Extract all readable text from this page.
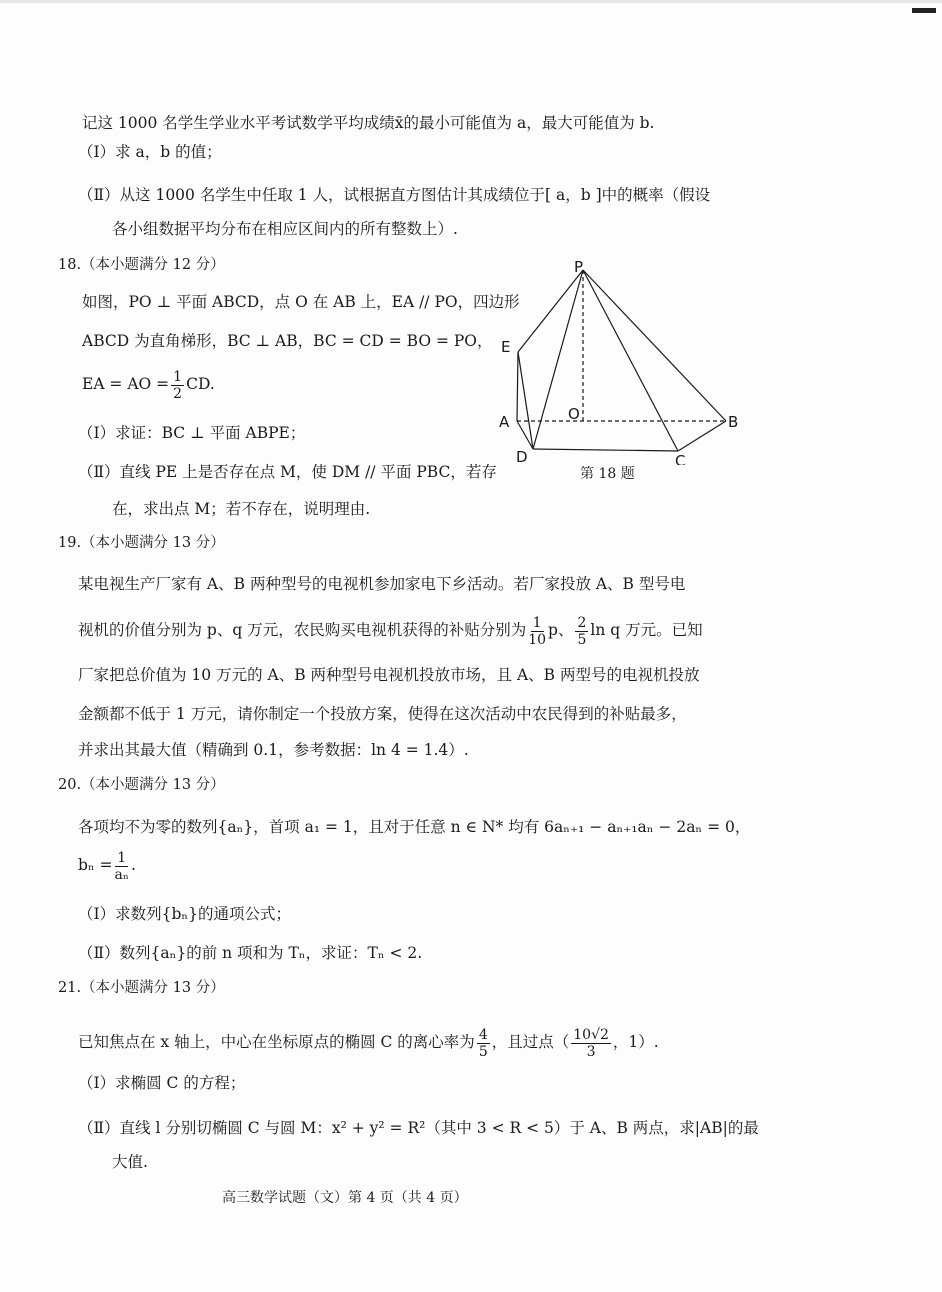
记这 1000 名学生学业水平考试数学平均成绩x̄的最小可能值为 a，最大可能值为 b.
（Ⅰ）求 a，b 的值；
（Ⅱ）从这 1000 名学生中任取 1 人，试根据直方图估计其成绩位于[ a，b ]中的概率（假设
各小组数据平均分布在相应区间内的所有整数上）.
18.（本小题满分 12 分）
如图，PO ⊥ 平面 ABCD，点 O 在 AB 上，EA // PO，四边形
ABCD 为直角梯形，BC ⊥ AB，BC = CD = BO = PO，
EA = AO = $\frac{1}{2}$ CD.
（Ⅰ）求证：BC ⊥ 平面 ABPE；
（Ⅱ）直线 PE 上是否存在点 M，使 DM // 平面 PBC，若存
在，求出点 M；若不存在，说明理由.
P
E
A	O	B
D	C
第 18 题
19.（本小题满分 13 分）
某电视生产厂家有 A、B 两种型号的电视机参加家电下乡活动。若厂家投放 A、B 型号电
视机的价值分别为 p、q 万元，农民购买电视机获得的补贴分别为 $\frac{1}{10}$ p、 $\frac{2}{5}$ ln q 万元。已知
厂家把总价值为 10 万元的 A、B 两种型号电视机投放市场，且 A、B 两型号的电视机投放
金额都不低于 1 万元，请你制定一个投放方案，使得在这次活动中农民得到的补贴最多，
并求出其最大值（精确到 0.1，参考数据：ln 4 = 1.4）.
20.（本小题满分 13 分）
各项均不为零的数列{aₙ}，首项 a₁ = 1，且对于任意 n ∈ N* 均有 6aₙ₊₁ − aₙ₊₁aₙ − 2aₙ = 0，
$b_n = \frac{1}{\text{aₙ}}$ .
（Ⅰ）求数列{bₙ}的通项公式；
（Ⅱ）数列{aₙ}的前 n 项和为 Tₙ，求证：Tₙ < 2.
21.（本小题满分 13 分）
已知焦点在 x 轴上，中心在坐标原点的椭圆 C 的离心率为 $\frac{4}{5}$ ，且过点（ $\frac{10√2}{3}$ ，1）.
（Ⅰ）求椭圆 C 的方程；
（Ⅱ）直线 l 分别切椭圆 C 与圆 M：x² + y² = R²（其中 3 < R < 5）于 A、B 两点，求|AB|的最
大值.
高三数学试题（文）第 4 页（共 4 页）
